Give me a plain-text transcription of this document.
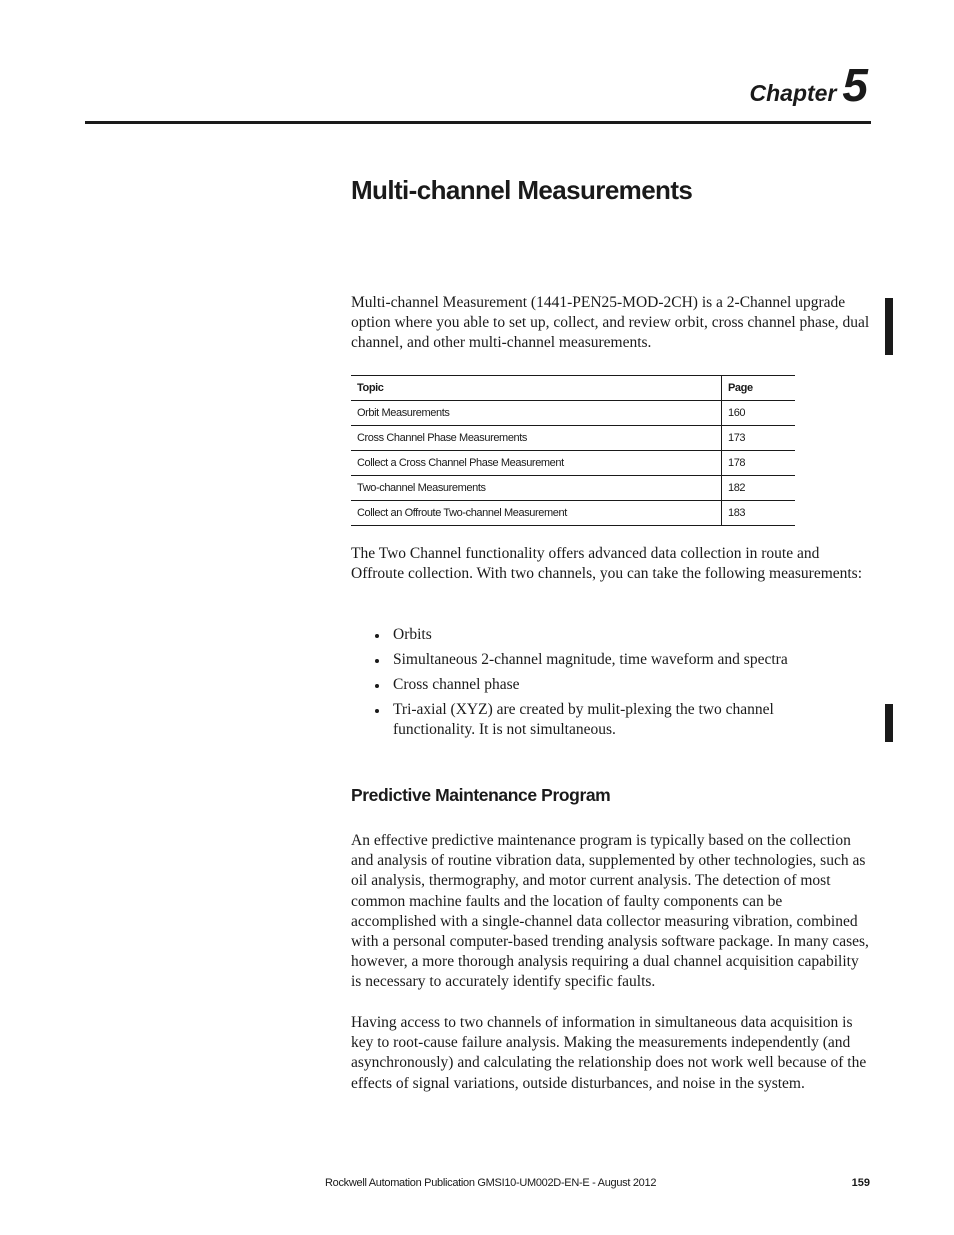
Chapter 5
Multi-channel Measurements

Multi-channel Measurement (1441-PEN25-MOD-2CH) is a 2-Channel upgrade option where you able to set up, collect, and review orbit, cross channel phase, dual channel, and other multi-channel measurements.

Topic	Page
Orbit Measurements	160
Cross Channel Phase Measurements	173
Collect a Cross Channel Phase Measurement	178
Two-channel Measurements	182
Collect an Offroute Two-channel Measurement	183

The Two Channel functionality offers advanced data collection in route and Offroute collection. With two channels, you can take the following measurements:

Orbits
Simultaneous 2-channel magnitude, time waveform and spectra
Cross channel phase
Tri-axial (XYZ) are created by mulit-plexing the two channel functionality. It is not simultaneous.
Predictive Maintenance Program

An effective predictive maintenance program is typically based on the collection and analysis of routine vibration data, supplemented by other technologies, such as oil analysis, thermography, and motor current analysis. The detection of most common machine faults and the location of faulty components can be accomplished with a single-channel data collector measuring vibration, combined with a personal computer-based trending analysis software package. In many cases, however, a more thorough analysis requiring a dual channel acquisition capability is necessary to accurately identify specific faults.

Having access to two channels of information in simultaneous data acquisition is key to root-cause failure analysis. Making the measurements independently (and asynchronously) and calculating the relationship does not work well because of the effects of signal variations, outside disturbances, and noise in the system.

Rockwell Automation Publication GMSI10-UM002D-EN-E - August 2012	159
